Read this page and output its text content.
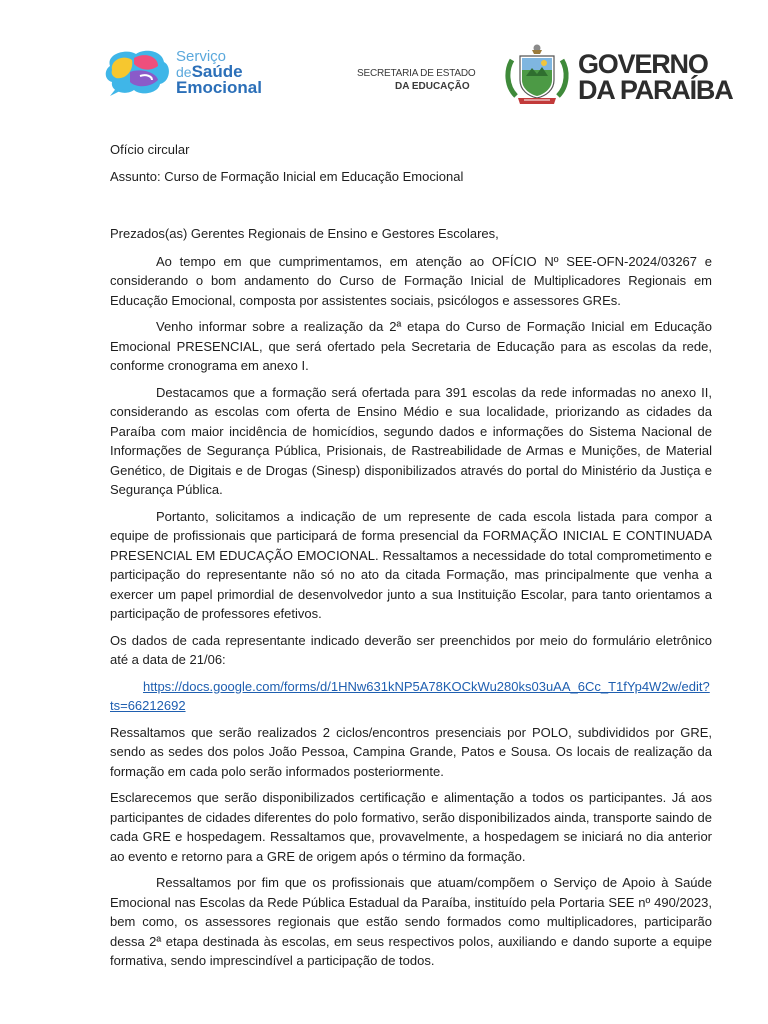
Serviço
deSaúde
Emocional
SECRETARIA DE ESTADO
DA EDUCAÇÃO
GOVERNO
DA PARAÍBA

Ofício circular

Assunto: Curso de Formação Inicial em Educação Emocional

Prezados(as) Gerentes Regionais de Ensino e Gestores Escolares,

Ao tempo em que cumprimentamos, em atenção ao OFÍCIO Nº SEE-OFN-2024/03267 e considerando o bom andamento do Curso de Formação Inicial de Multiplicadores Regionais em Educação Emocional, composta por assistentes sociais, psicólogos e assessores GREs.

Venho informar sobre a realização da 2ª etapa do Curso de Formação Inicial em Educação Emocional PRESENCIAL, que será ofertado pela Secretaria de Educação para as escolas da rede, conforme cronograma em anexo I.

Destacamos que a formação será ofertada para 391 escolas da rede informadas no anexo II, considerando as escolas com oferta de Ensino Médio e sua localidade, priorizando as cidades da Paraíba com maior incidência de homicídios, segundo dados e informações do Sistema Nacional de Informações de Segurança Pública, Prisionais, de Rastreabilidade de Armas e Munições, de Material Genético, de Digitais e de Drogas (Sinesp) disponibilizados através do portal do Ministério da Justiça e Segurança Pública.

Portanto, solicitamos a indicação de um represente de cada escola listada para compor a equipe de profissionais que participará de forma presencial da FORMAÇÃO INICIAL E CONTINUADA PRESENCIAL EM EDUCAÇÃO EMOCIONAL. Ressaltamos a necessidade do total comprometimento e participação do representante não só no ato da citada Formação, mas principalmente que venha a exercer um papel primordial de desenvolvedor junto a sua Instituição Escolar, para tanto orientamos a participação de professores efetivos.

Os dados de cada representante indicado deverão ser preenchidos por meio do formulário eletrônico até a data de 21/06:

https://docs.google.com/forms/d/1HNw631kNP5A78KOCkWu280ks03uAA_6Cc_T1fYp4W2w/edit?
ts=66212692

Ressaltamos que serão realizados 2 ciclos/encontros presenciais por POLO, subdivididos por GRE, sendo as sedes dos polos João Pessoa, Campina Grande, Patos e Sousa. Os locais de realização da formação em cada polo serão informados posteriormente.

Esclarecemos que serão disponibilizados certificação e alimentação a todos os participantes. Já aos participantes de cidades diferentes do polo formativo, serão disponibilizados ainda, transporte saindo de cada GRE e hospedagem. Ressaltamos que, provavelmente, a hospedagem se iniciará no dia anterior ao evento e retorno para a GRE de origem após o término da formação.

Ressaltamos por fim que os profissionais que atuam/compõem o Serviço de Apoio à Saúde Emocional nas Escolas da Rede Pública Estadual da Paraíba, instituído pela Portaria SEE nº 490/2023, bem como, os assessores regionais que estão sendo formados como multiplicadores, participarão dessa 2ª etapa destinada às escolas, em seus respectivos polos, auxiliando e dando suporte a equipe formativa, sendo imprescindível a participação de todos.
